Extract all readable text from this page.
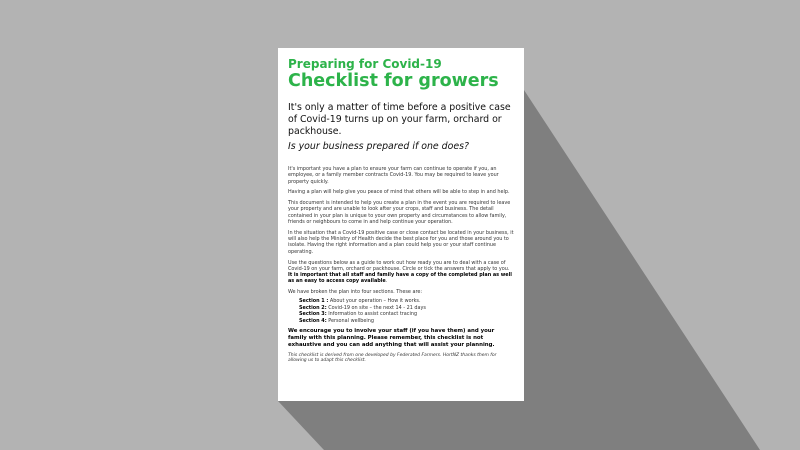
Preparing for Covid-19

Checklist for growers

It's only a matter of time before a positive case of Covid-19 turns up on your farm, orchard or packhouse.

Is your business prepared if one does?

It's important you have a plan to ensure your farm can continue to operate if you, an employee, or a family member contracts Covid-19. You may be required to leave your property quickly.

Having a plan will help give you peace of mind that others will be able to step in and help.

This document is intended to help you create a plan in the event you are required to leave your property and are unable to look after your crops, staff and business. The detail contained in your plan is unique to your own property and circumstances to allow family, friends or neighbours to come in and help continue your operation.

In the situation that a Covid-19 positive case or close contact be located in your business, it will also help the Ministry of Health decide the best place for you and those around you to isolate. Having the right information and a plan could help you or your staff continue operating.

Use the questions below as a guide to work out how ready you are to deal with a case of Covid-19 on your farm, orchard or packhouse. Circle or tick the answers that apply to you. It is important that all staff and family have a copy of the completed plan as well as an easy to access copy available.

We have broken the plan into four sections. These are:

Section 1 : About your operation – How it works.
Section 2: Covid-19 on site – the next 14 - 21 days
Section 3: Information to assist contact tracing
Section 4: Personal wellbeing

We encourage you to involve your staff (if you have them) and your family with this planning. Please remember, this checklist is not exhaustive and you can add anything that will assist your planning.

This checklist is derived from one developed by Federated Farmers. HortNZ thanks them for allowing us to adapt this checklist.
